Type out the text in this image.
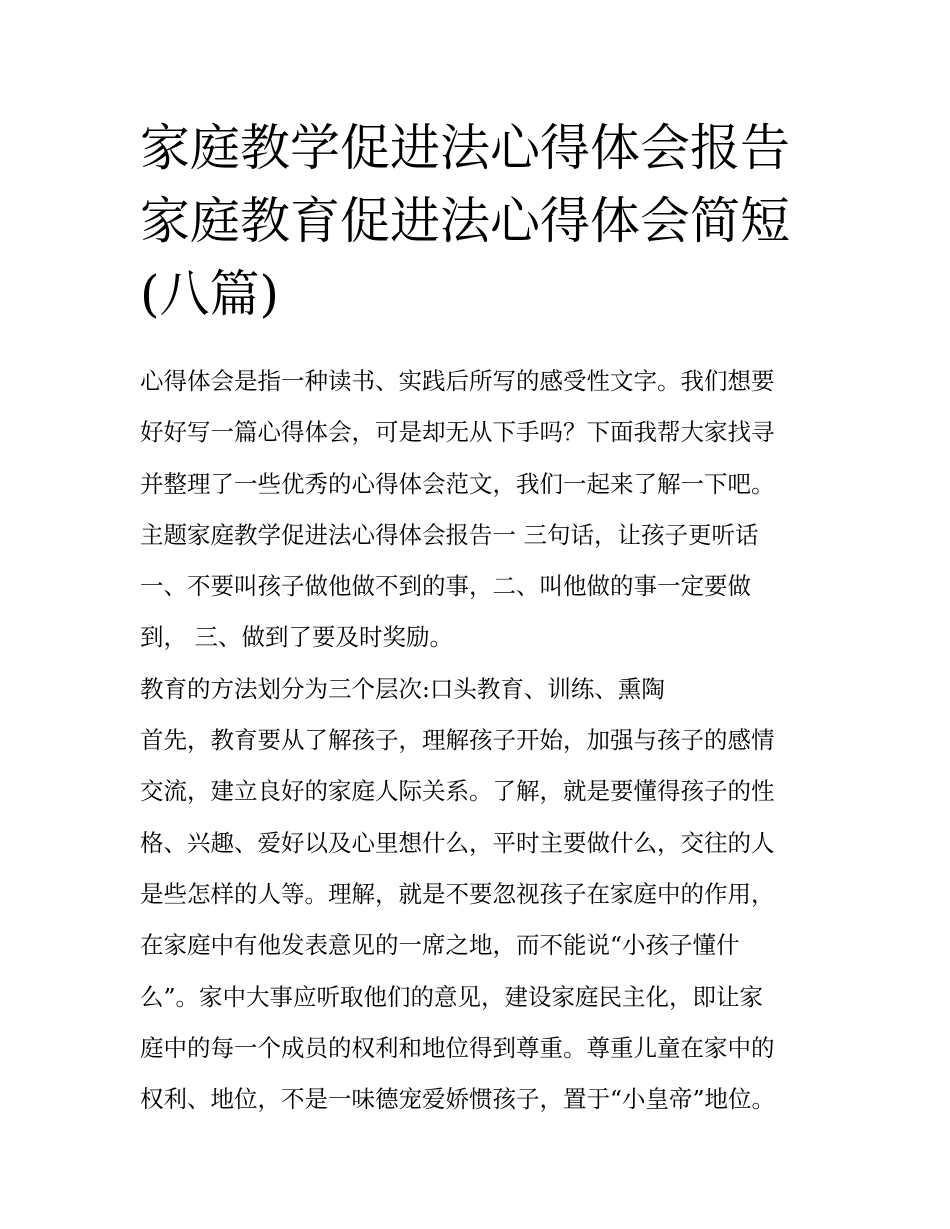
家庭教学促进法心得体会报告
家庭教育促进法心得体会简短
(八篇)
心得体会是指一种读书、实践后所写的感受性文字。我们想要
好好写一篇心得体会，可是却无从下手吗？下面我帮大家找寻
并整理了一些优秀的心得体会范文，我们一起来了解一下吧。
主题家庭教学促进法心得体会报告一 三句话，让孩子更听话
一、不要叫孩子做他做不到的事，二、叫他做的事一定要做
到， 三、做到了要及时奖励。
教育的方法划分为三个层次:口头教育、训练、熏陶
首先，教育要从了解孩子，理解孩子开始，加强与孩子的感情
交流，建立良好的家庭人际关系。了解，就是要懂得孩子的性
格、兴趣、爱好以及心里想什么，平时主要做什么，交往的人
是些怎样的人等。理解，就是不要忽视孩子在家庭中的作用，
在家庭中有他发表意见的一席之地，而不能说“小孩子懂什
么”。家中大事应听取他们的意见，建设家庭民主化，即让家
庭中的每一个成员的权利和地位得到尊重。尊重儿童在家中的
权利、地位，不是一味德宠爱娇惯孩子，置于“小皇帝”地位。
